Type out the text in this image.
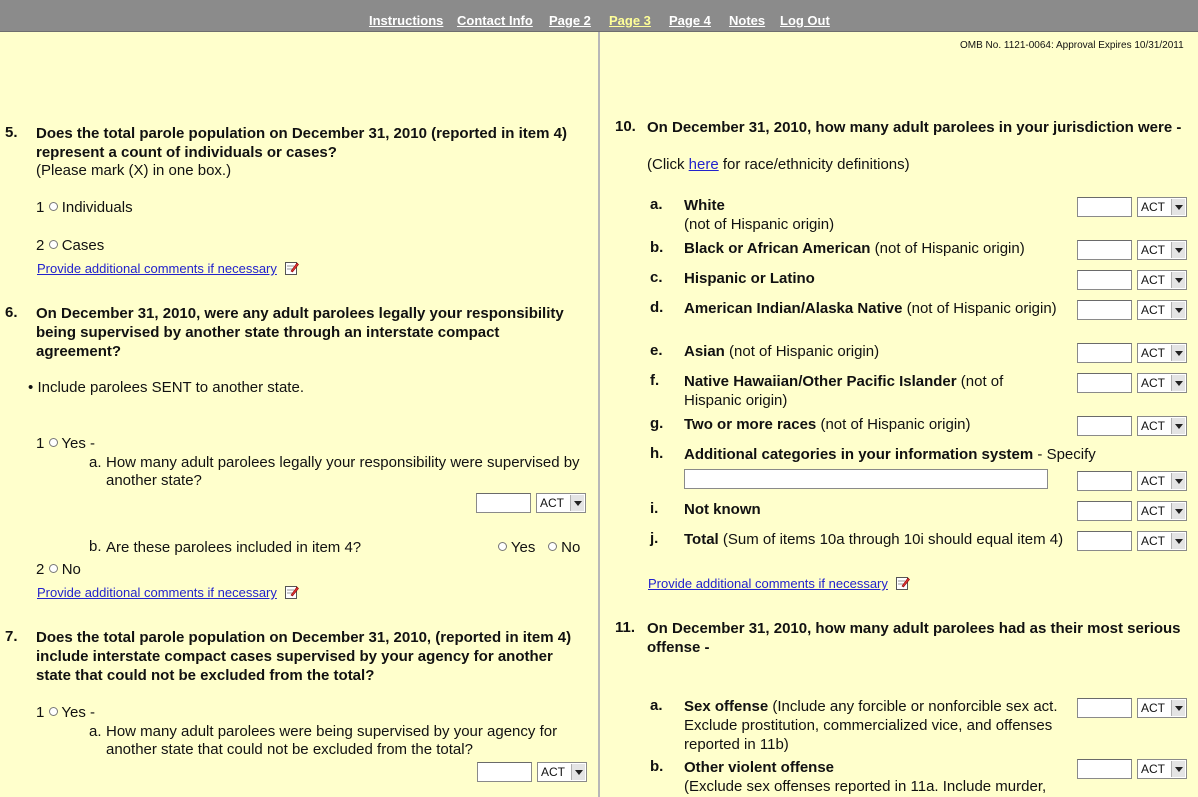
Instructions Contact Info Page 2 Page 3 Page 4 Notes Log Out
5. Does the total parole population on December 31, 2010 (reported in item 4) represent a count of individuals or cases?
(Please mark (X) in one box.)
1 Individuals
2 Cases
Provide additional comments if necessary
6. On December 31, 2010, were any adult parolees legally your responsibility being supervised by another state through an interstate compact agreement?
• Include parolees SENT to another state.
1 Yes -
a. How many adult parolees legally your responsibility were supervised by another state?
ACT
b. Are these parolees included in item 4?	Yes	No
2 No
Provide additional comments if necessary
7. Does the total parole population on December 31, 2010, (reported in item 4) include interstate compact cases supervised by your agency for another state that could not be excluded from the total?
1 Yes -
a. How many adult parolees were being supervised by your agency for another state that could not be excluded from the total?
ACT
OMB No. 1121-0064: Approval Expires 10/31/2011
10. On December 31, 2010, how many adult parolees in your jurisdiction were -
(Click here for race/ethnicity definitions)
a. White
(not of Hispanic origin)
ACT
b. Black or African American (not of Hispanic origin)	ACT
c. Hispanic or Latino	ACT
d. American Indian/Alaska Native (not of Hispanic origin)	ACT
e. Asian (not of Hispanic origin)	ACT
f. Native Hawaiian/Other Pacific Islander (not of Hispanic origin)
ACT
g. Two or more races (not of Hispanic origin)	ACT
h. Additional categories in your information system - Specify
ACT
i. Not known	ACT
j. Total (Sum of items 10a through 10i should equal item 4)	ACT
Provide additional comments if necessary
11. On December 31, 2010, how many adult parolees had as their most serious offense -
a. Sex offense (Include any forcible or nonforcible sex act. Exclude prostitution, commercialized vice, and offenses reported in 11b)
ACT
b. Other violent offense
(Exclude sex offenses reported in 11a. Include murder,
ACT
